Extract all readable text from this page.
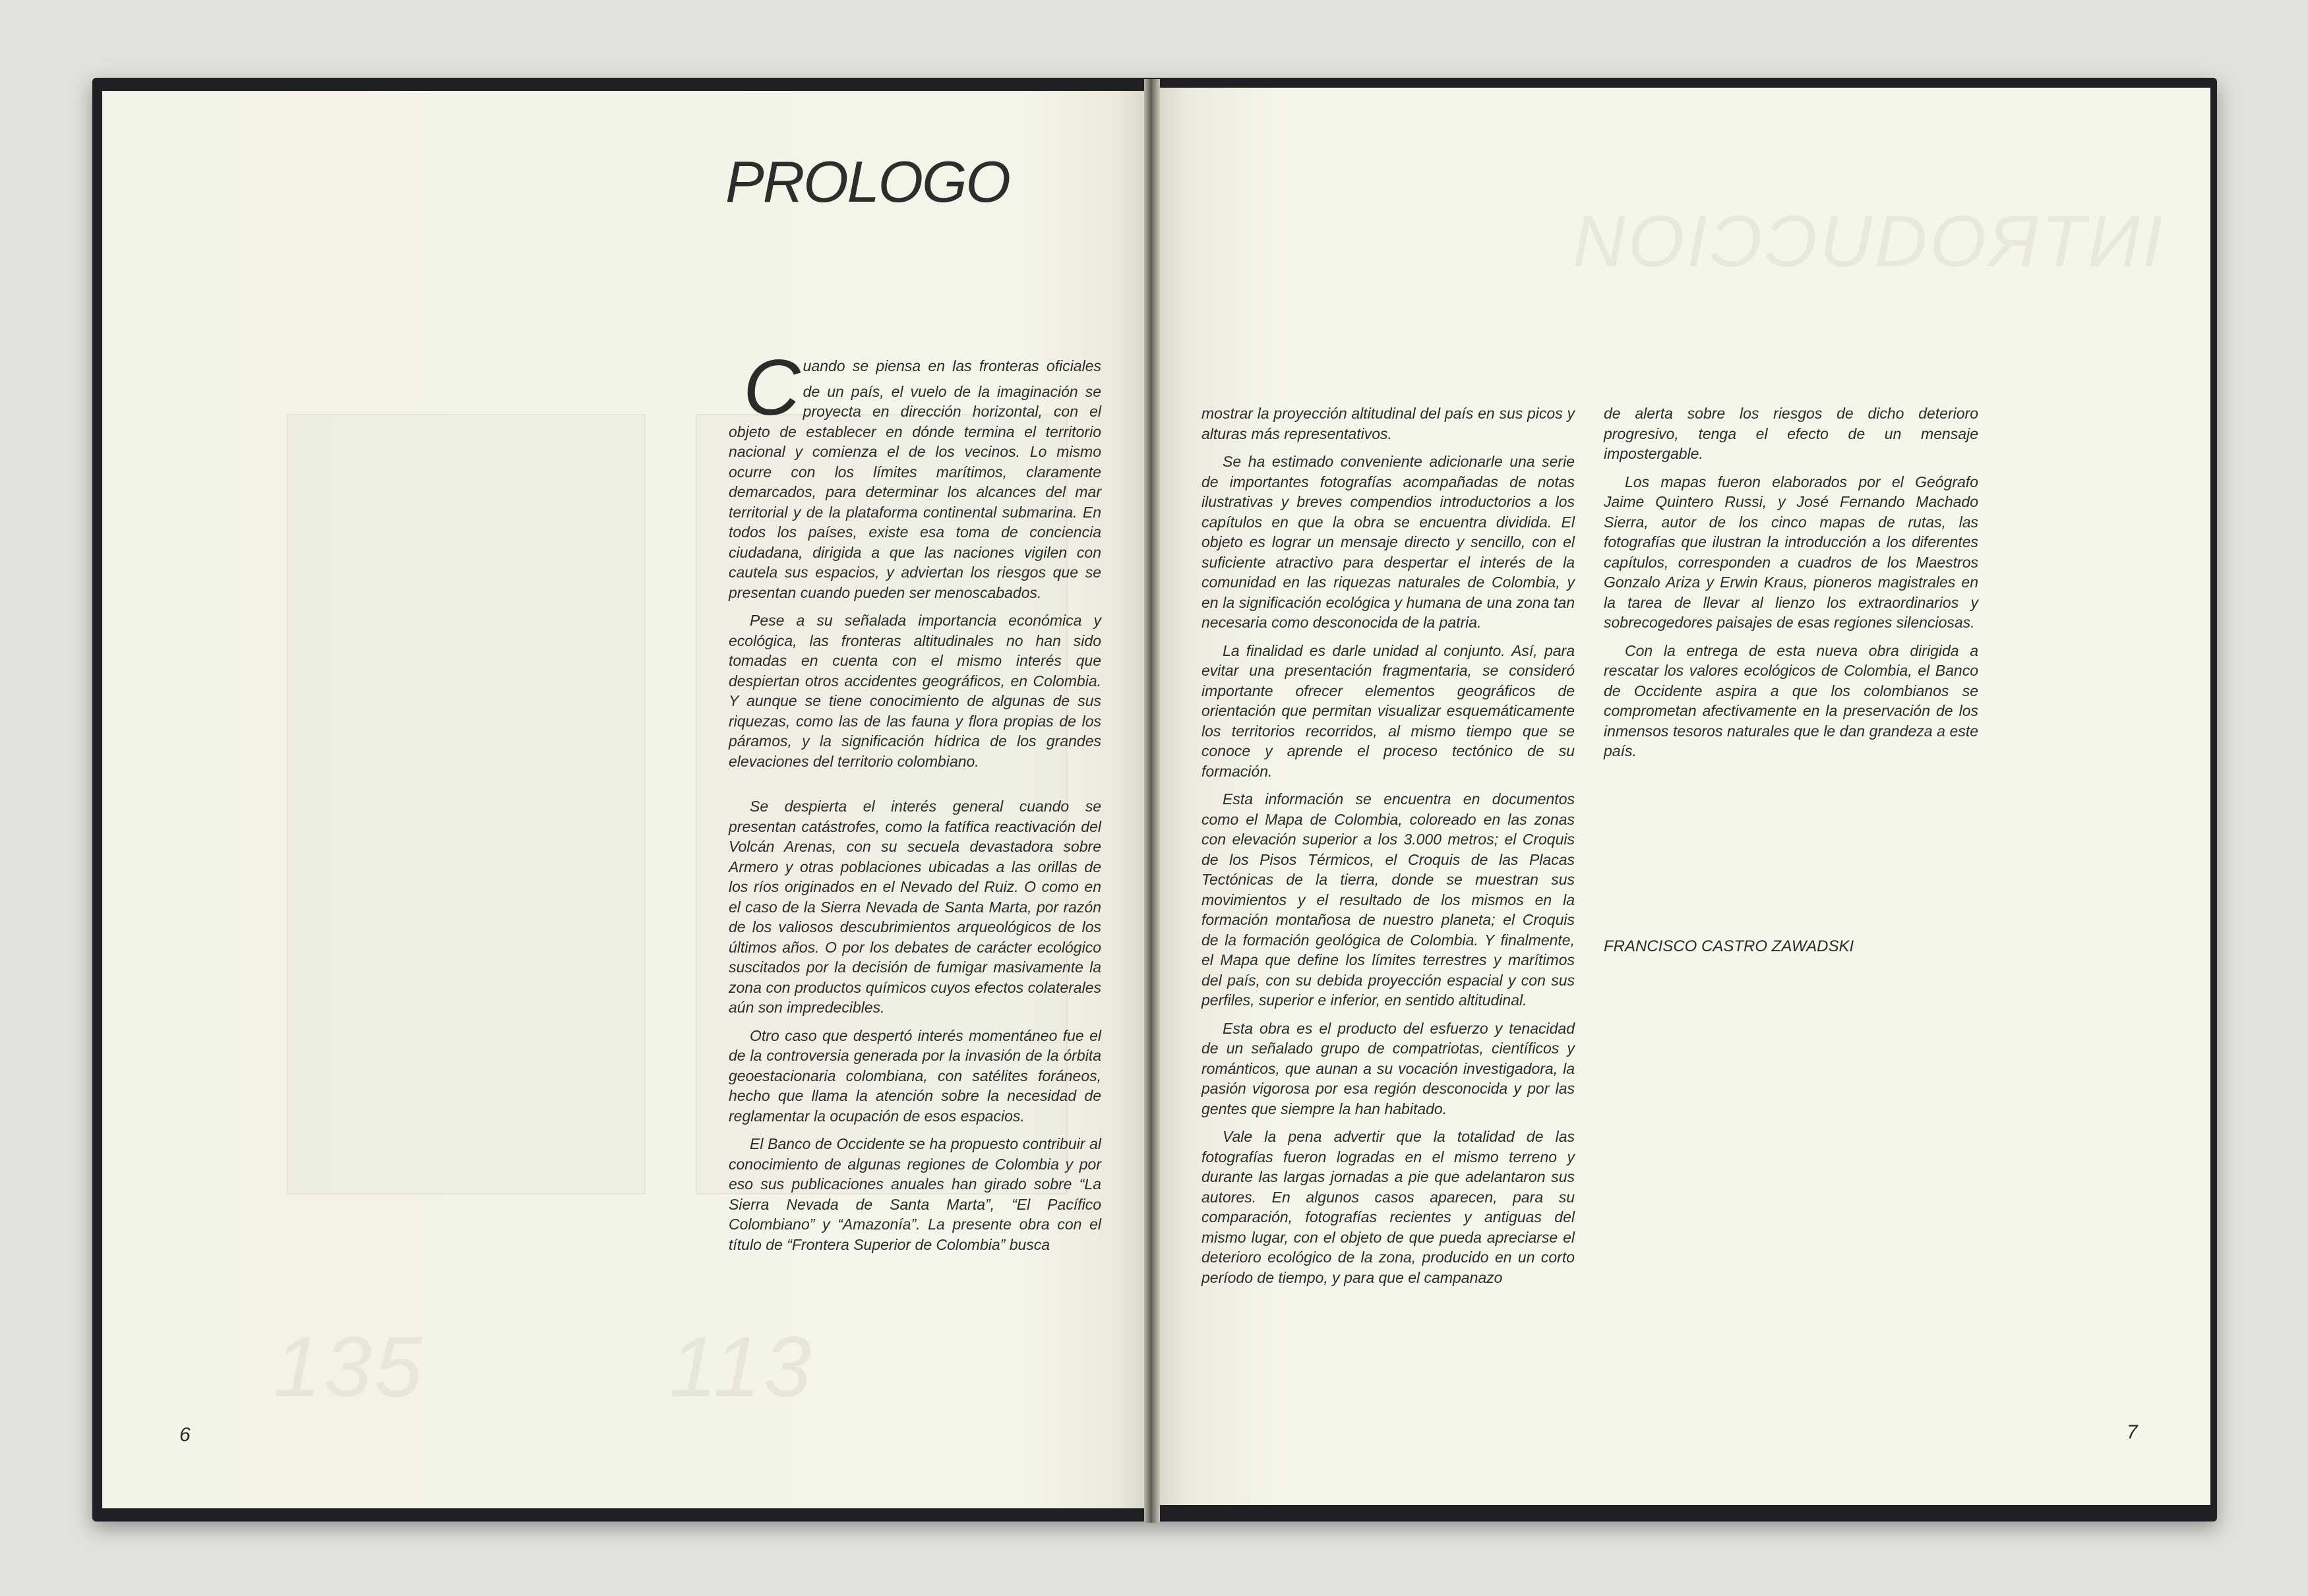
135	113
NOIƆƆUDOЯTИI
PROLOGO
C

Cuando se piensa en las fronteras oficiales de un país, el vuelo de la imaginación se proyecta en dirección horizontal, con el objeto de establecer en dónde termina el territorio nacional y comienza el de los vecinos. Lo mismo ocurre con los límites marítimos, claramente demarcados, para determinar los alcances del mar territorial y de la plataforma continental submarina. En todos los países, existe esa toma de conciencia ciudadana, dirigida a que las naciones vigilen con cautela sus espacios, y adviertan los riesgos que se presentan cuando pueden ser menoscabados.

Pese a su señalada importancia económica y ecológica, las fronteras altitudinales no han sido tomadas en cuenta con el mismo interés que despiertan otros accidentes geográficos, en Colombia. Y aunque se tiene conocimiento de algunas de sus riquezas, como las de las fauna y flora propias de los páramos, y la significación hídrica de los grandes elevaciones del territorio colombiano.

Se despierta el interés general cuando se presentan catástrofes, como la fatífica reactivación del Volcán Arenas, con su secuela devastadora sobre Armero y otras poblaciones ubicadas a las orillas de los ríos originados en el Nevado del Ruiz. O como en el caso de la Sierra Nevada de Santa Marta, por razón de los valiosos descubrimientos arqueológicos de los últimos años. O por los debates de carácter ecológico suscitados por la decisión de fumigar masivamente la zona con productos químicos cuyos efectos colaterales aún son impredecibles.

Otro caso que despertó interés momentáneo fue el de la controversia generada por la invasión de la órbita geoestacionaria colombiana, con satélites foráneos, hecho que llama la atención sobre la necesidad de reglamentar la ocupación de esos espacios.

El Banco de Occidente se ha propuesto contribuir al conocimiento de algunas regiones de Colombia y por eso sus publicaciones anuales han girado sobre “La Sierra Nevada de Santa Marta”, “El Pacífico Colombiano” y “Amazonía”. La presente obra con el título de “Frontera Superior de Colombia” busca

mostrar la proyección altitudinal del país en sus picos y alturas más representativos.

Se ha estimado conveniente adicionarle una serie de importantes fotografías acompañadas de notas ilustrativas y breves compendios introductorios a los capítulos en que la obra se encuentra dividida. El objeto es lograr un mensaje directo y sencillo, con el suficiente atractivo para despertar el interés de la comunidad en las riquezas naturales de Colombia, y en la significación ecológica y humana de una zona tan necesaria como desconocida de la patria.

La finalidad es darle unidad al conjunto. Así, para evitar una presentación fragmentaria, se consideró importante ofrecer elementos geográficos de orientación que permitan visualizar esquemáticamente los territorios recorridos, al mismo tiempo que se conoce y aprende el proceso tectónico de su formación.

Esta información se encuentra en documentos como el Mapa de Colombia, coloreado en las zonas con elevación superior a los 3.000 metros; el Croquis de los Pisos Térmicos, el Croquis de las Placas Tectónicas de la tierra, donde se muestran sus movimientos y el resultado de los mismos en la formación montañosa de nuestro planeta; el Croquis de la formación geológica de Colombia. Y finalmente, el Mapa que define los límites terrestres y marítimos del país, con su debida proyección espacial y con sus perfiles, superior e inferior, en sentido altitudinal.

Esta obra es el producto del esfuerzo y tenacidad de un señalado grupo de compatriotas, científicos y románticos, que aunan a su vocación investigadora, la pasión vigorosa por esa región desconocida y por las gentes que siempre la han habitado.

Vale la pena advertir que la totalidad de las fotografías fueron logradas en el mismo terreno y durante las largas jornadas a pie que adelantaron sus autores. En algunos casos aparecen, para su comparación, fotografías recientes y antiguas del mismo lugar, con el objeto de que pueda apreciarse el deterioro ecológico de la zona, producido en un corto período de tiempo, y para que el campanazo

de alerta sobre los riesgos de dicho deterioro progresivo, tenga el efecto de un mensaje impostergable.

Los mapas fueron elaborados por el Geógrafo Jaime Quintero Russi, y José Fernando Machado Sierra, autor de los cinco mapas de rutas, las fotografías que ilustran la introducción a los diferentes capítulos, corresponden a cuadros de los Maestros Gonzalo Ariza y Erwin Kraus, pioneros magistrales en la tarea de llevar al lienzo los extraordinarios y sobrecogedores paisajes de esas regiones silenciosas.

Con la entrega de esta nueva obra dirigida a rescatar los valores ecológicos de Colombia, el Banco de Occidente aspira a que los colombianos se comprometan afectivamente en la preservación de los inmensos tesoros naturales que le dan grandeza a este país.

FRANCISCO CASTRO ZAWADSKI
6	7
